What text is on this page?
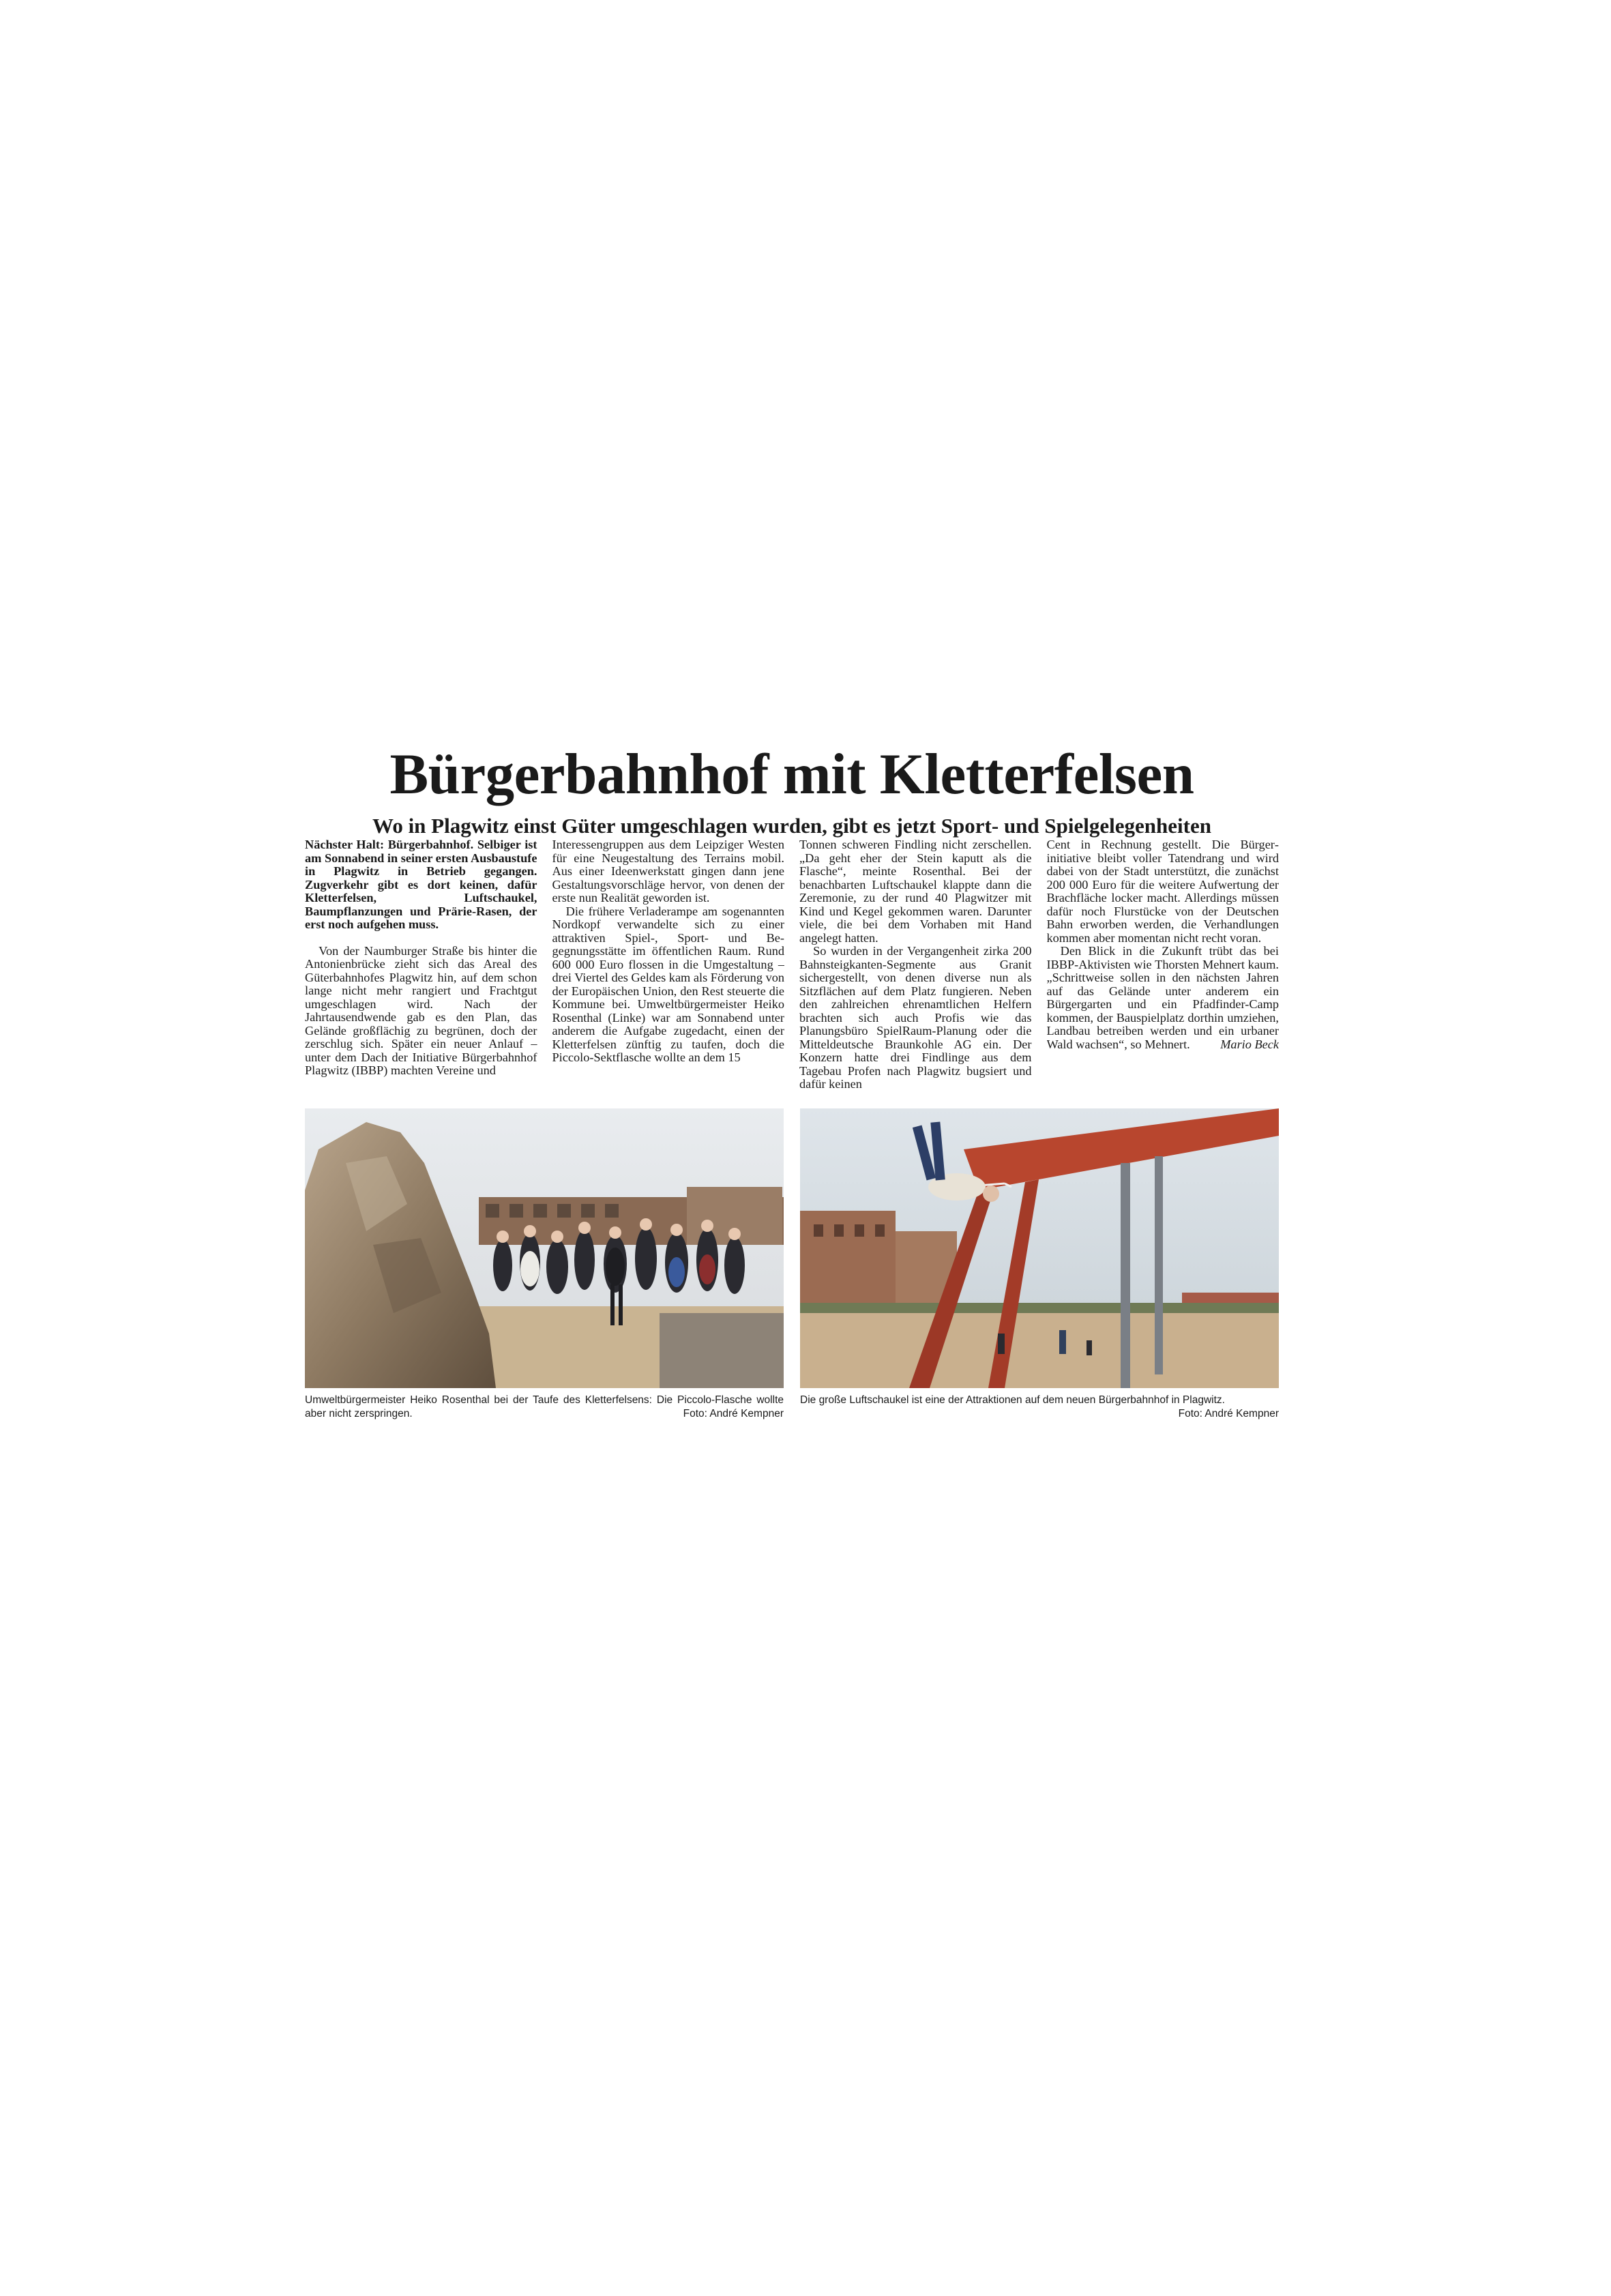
Bürgerbahnhof mit Kletterfelsen
Wo in Plagwitz einst Güter umgeschlagen wurden, gibt es jetzt Sport- und Spielgelegenheiten

Nächster Halt: Bürgerbahnhof. Selbiger ist am Sonnabend in seiner ersten Ausbaustufe in Plagwitz in Betrieb gegangen. Zugverkehr gibt es dort keinen, dafür Kletterfelsen, Luftschaukel, Baumpflanzungen und Prärie-Rasen, der erst noch aufgehen muss.

Von der Naumburger Straße bis hinter die Antonienbrücke zieht sich das Areal des Güterbahnhofes Plagwitz hin, auf dem schon lange nicht mehr rangiert und Frachtgut umgeschlagen wird. Nach der Jahrtausendwende gab es den Plan, das Gelände großflächig zu begrünen, doch der zerschlug sich. Später ein neuer Anlauf – unter dem Dach der Initiative Bürgerbahnhof Plagwitz (IBBP) machten Vereine und

Interessengruppen aus dem Leipziger Westen für eine Neugestaltung des Terrains mobil. Aus einer Ideenwerkstatt gingen dann jene Gestaltungsvorschläge hervor, von denen der erste nun Realität geworden ist.

Die frühere Verladerampe am sogenannten Nordkopf verwandelte sich zu einer attraktiven Spiel-, Sport- und Begegnungsstätte im öffentlichen Raum. Rund 600 000 Euro flossen in die Umgestaltung – drei Viertel des Geldes kam als Förderung von der Europäischen Union, den Rest steuerte die Kommune bei. Umweltbürgermeister Heiko Rosenthal (Linke) war am Sonnabend unter anderem die Aufgabe zugedacht, einen der Kletterfelsen zünftig zu taufen, doch die Piccolo-Sektflasche wollte an dem 15

Tonnen schweren Findling nicht zerschellen. „Da geht eher der Stein kaputt als die Flasche“, meinte Rosenthal. Bei der benachbarten Luftschaukel klappte dann die Zeremonie, zu der rund 40 Plagwitzer mit Kind und Kegel gekommen waren. Darunter viele, die bei dem Vorhaben mit Hand angelegt hatten.

So wurden in der Vergangenheit zirka 200 Bahnsteigkanten-Segmente aus Granit sichergestellt, von denen diverse nun als Sitzflächen auf dem Platz fungieren. Neben den zahlreichen ehrenamtlichen Helfern brachten sich auch Profis wie das Planungsbüro SpielRaum-Planung oder die Mitteldeutsche Braunkohle AG ein. Der Konzern hatte drei Findlinge aus dem Tagebau Profen nach Plagwitz bugsiert und dafür keinen

Cent in Rechnung gestellt. Die Bürgerinitiative bleibt voller Tatendrang und wird dabei von der Stadt unterstützt, die zunächst 200 000 Euro für die weitere Aufwertung der Brachfläche locker macht. Allerdings müssen dafür noch Flurstücke von der Deutschen Bahn erworben werden, die Verhandlungen kommen aber momentan nicht recht voran.

Den Blick in die Zukunft trübt das bei IBBP-Aktivisten wie Thorsten Mehnert kaum. „Schrittweise sollen in den nächsten Jahren auf das Gelände unter anderem ein Bürgergarten und ein Pfadfinder-Camp kommen, der Bauspielplatz dorthin umziehen, Landbau betreiben werden und ein urbaner Wald wachsen“, so Mehnert.	Mario Beck

Umweltbürgermeister Heiko Rosenthal bei der Taufe des Kletterfelsens: Die Piccolo-Flasche wollte aber nicht zerspringen.	Foto: André Kempner
Die große Luftschaukel ist eine der Attraktionen auf dem neuen Bürgerbahnhof in Plagwitz.
Foto: André Kempner
